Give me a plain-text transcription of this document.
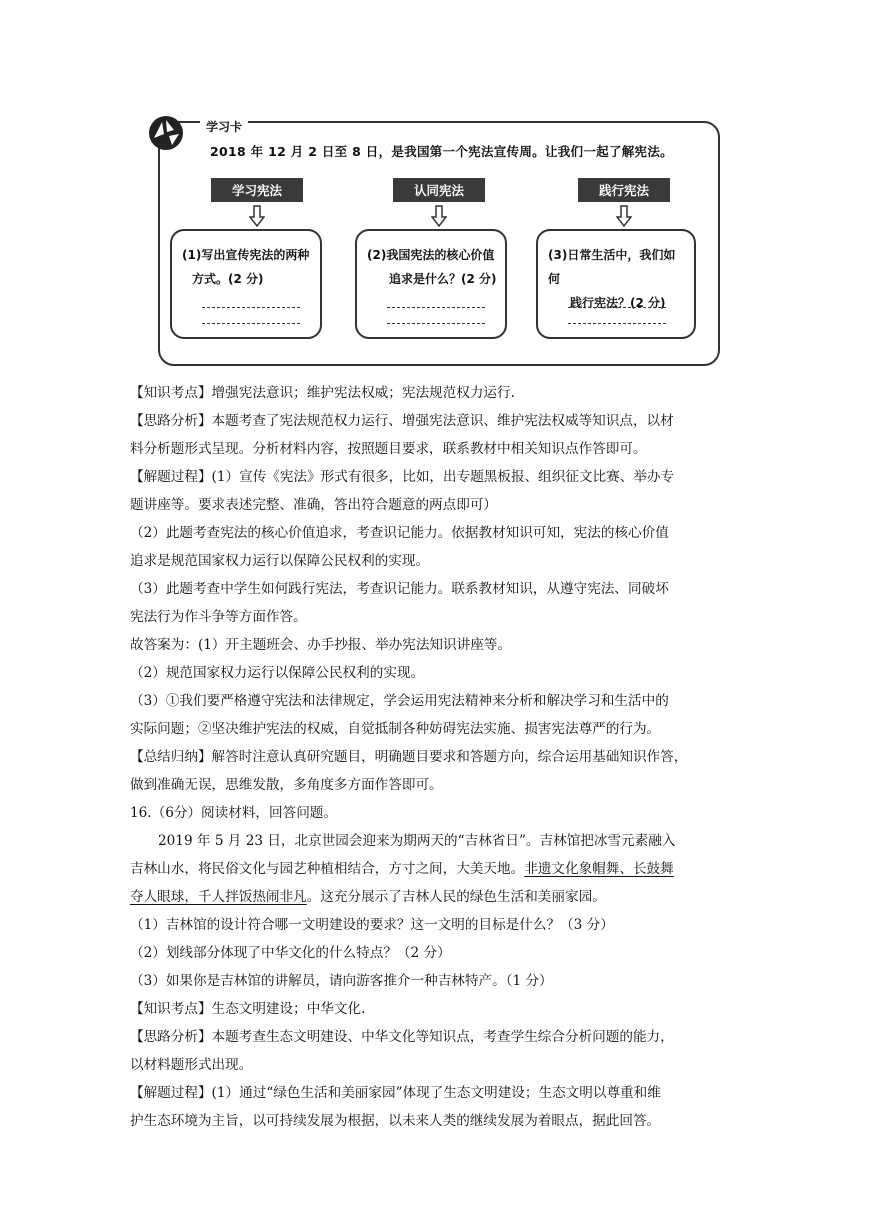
学习卡
2018 年 12 月 2 日至 8 日，是我国第一个宪法宣传周。让我们一起了解宪法。
学习宪法
(1)写出宣传宪法的两种
方式。(2 分)
认同宪法
(2)我国宪法的核心价值
追求是什么？(2 分)
践行宪法
(3)日常生活中，我们如何
践行宪法？(2 分)
【知识考点】增强宪法意识；维护宪法权威；宪法规范权力运行.
【思路分析】本题考查了宪法规范权力运行、增强宪法意识、维护宪法权威等知识点，以材
料分析题形式呈现。分析材料内容，按照题目要求，联系教材中相关知识点作答即可。
【解题过程】(1）宣传《宪法》形式有很多，比如，出专题黑板报、组织征文比赛、举办专
题讲座等。要求表述完整、准确，答出符合题意的两点即可）
（2）此题考查宪法的核心价值追求，考查识记能力。依据教材知识可知，宪法的核心价值
追求是规范国家权力运行以保障公民权利的实现。
（3）此题考查中学生如何践行宪法，考查识记能力。联系教材知识，从遵守宪法、同破坏
宪法行为作斗争等方面作答。
故答案为：(1）开主题班会、办手抄报、举办宪法知识讲座等。
（2）规范国家权力运行以保障公民权利的实现。
（3）①我们要严格遵守宪法和法律规定，学会运用宪法精神来分析和解决学习和生活中的
实际问题；②坚决维护宪法的权威，自觉抵制各种妨碍宪法实施、损害宪法尊严的行为。
【总结归纳】解答时注意认真研究题目，明确题目要求和答题方向，综合运用基础知识作答，
做到准确无误，思维发散，多角度多方面作答即可。
16.（6分）阅读材料，回答问题。
2019 年 5 月 23 日，北京世园会迎来为期两天的“吉林省日”。吉林馆把冰雪元素融入
吉林山水，将民俗文化与园艺种植相结合，方寸之间，大美天地。非遗文化象帽舞、长鼓舞
夺人眼球，千人拌饭热闹非凡。这充分展示了吉林人民的绿色生活和美丽家园。
（1）吉林馆的设计符合哪一文明建设的要求？这一文明的目标是什么？（3 分）
（2）划线部分体现了中华文化的什么特点？（2 分）
（3）如果你是吉林馆的讲解员，请向游客推介一种吉林特产。（1 分）
【知识考点】生态文明建设；中华文化.
【思路分析】本题考查生态文明建设、中华文化等知识点，考查学生综合分析问题的能力，
以材料题形式出现。
【解题过程】(1）通过“绿色生活和美丽家园”体现了生态文明建设；生态文明以尊重和维
护生态环境为主旨，以可持续发展为根据，以未来人类的继续发展为着眼点，据此回答。
